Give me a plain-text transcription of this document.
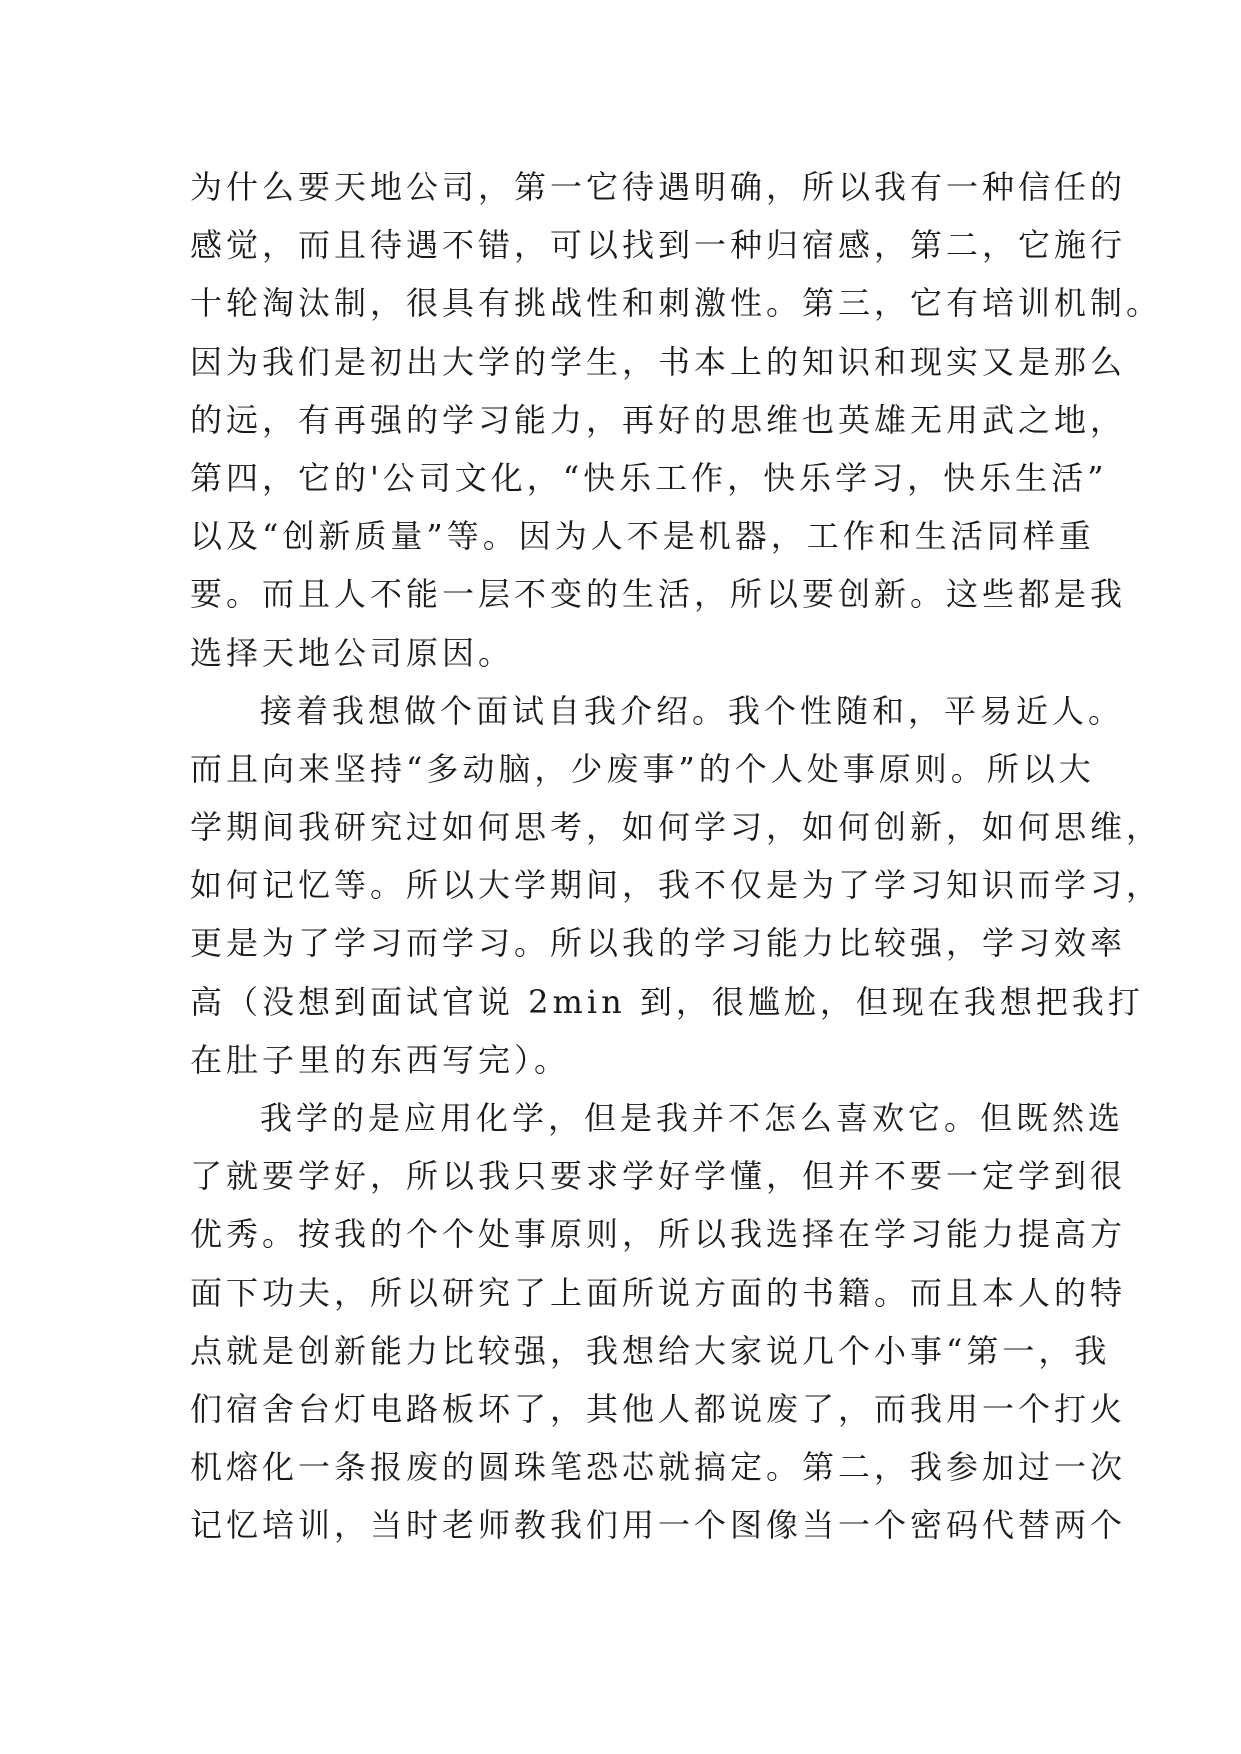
为什么要天地公司，第一它待遇明确，所以我有一种信任的
感觉，而且待遇不错，可以找到一种归宿感，第二，它施行
十轮淘汰制，很具有挑战性和刺激性。第三，它有培训机制。
因为我们是初出大学的学生，书本上的知识和现实又是那么
的远，有再强的学习能力，再好的思维也英雄无用武之地，
第四，它的'公司文化，“快乐工作，快乐学习，快乐生活”
以及“创新质量”等。因为人不是机器，工作和生活同样重
要。而且人不能一层不变的生活，所以要创新。这些都是我
选择天地公司原因。
接着我想做个面试自我介绍。我个性随和，平易近人。
而且向来坚持“多动脑，少废事”的个人处事原则。所以大
学期间我研究过如何思考，如何学习，如何创新，如何思维，
如何记忆等。所以大学期间，我不仅是为了学习知识而学习，
更是为了学习而学习。所以我的学习能力比较强，学习效率
高（没想到面试官说 2min 到，很尴尬，但现在我想把我打
在肚子里的东西写完）。
我学的是应用化学，但是我并不怎么喜欢它。但既然选
了就要学好，所以我只要求学好学懂，但并不要一定学到很
优秀。按我的个个处事原则，所以我选择在学习能力提高方
面下功夫，所以研究了上面所说方面的书籍。而且本人的特
点就是创新能力比较强，我想给大家说几个小事“第一，我
们宿舍台灯电路板坏了，其他人都说废了，而我用一个打火
机熔化一条报废的圆珠笔恐芯就搞定。第二，我参加过一次
记忆培训，当时老师教我们用一个图像当一个密码代替两个
